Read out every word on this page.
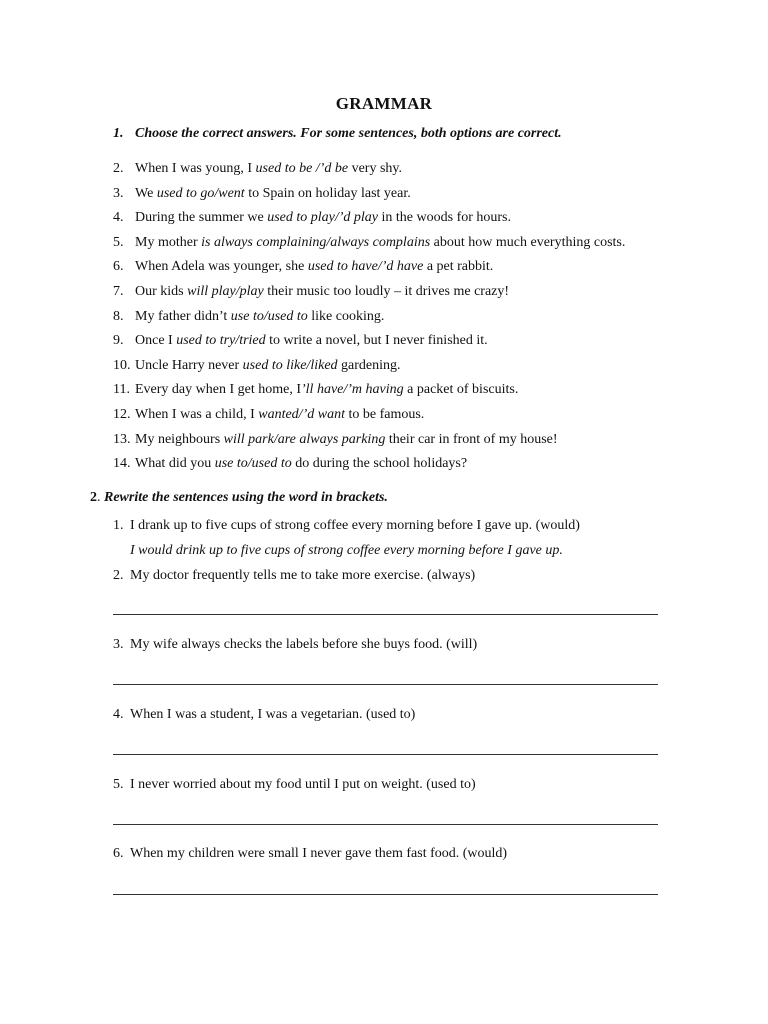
GRAMMAR
1. Choose the correct answers. For some sentences, both options are correct.
2. When I was young, I used to be /’d be very shy.
3. We used to go/went to Spain on holiday last year.
4. During the summer we used to play/’d play in the woods for hours.
5. My mother is always complaining/always complains about how much everything costs.
6. When Adela was younger, she used to have/’d have a pet rabbit.
7. Our kids will play/play their music too loudly – it drives me crazy!
8. My father didn’t use to/used to like cooking.
9. Once I used to try/tried to write a novel, but I never finished it.
10. Uncle Harry never used to like/liked gardening.
11. Every day when I get home, I’ll have/’m having a packet of biscuits.
12. When I was a child, I wanted/’d want to be famous.
13. My neighbours will park/are always parking their car in front of my house!
14. What did you use to/used to do during the school holidays?
2. Rewrite the sentences using the word in brackets.
1. I drank up to five cups of strong coffee every morning before I gave up. (would)
I would drink up to five cups of strong coffee every morning before I gave up.
2. My doctor frequently tells me to take more exercise. (always)
3. My wife always checks the labels before she buys food. (will)
4. When I was a student, I was a vegetarian. (used to)
5. I never worried about my food until I put on weight. (used to)
6. When my children were small I never gave them fast food. (would)
